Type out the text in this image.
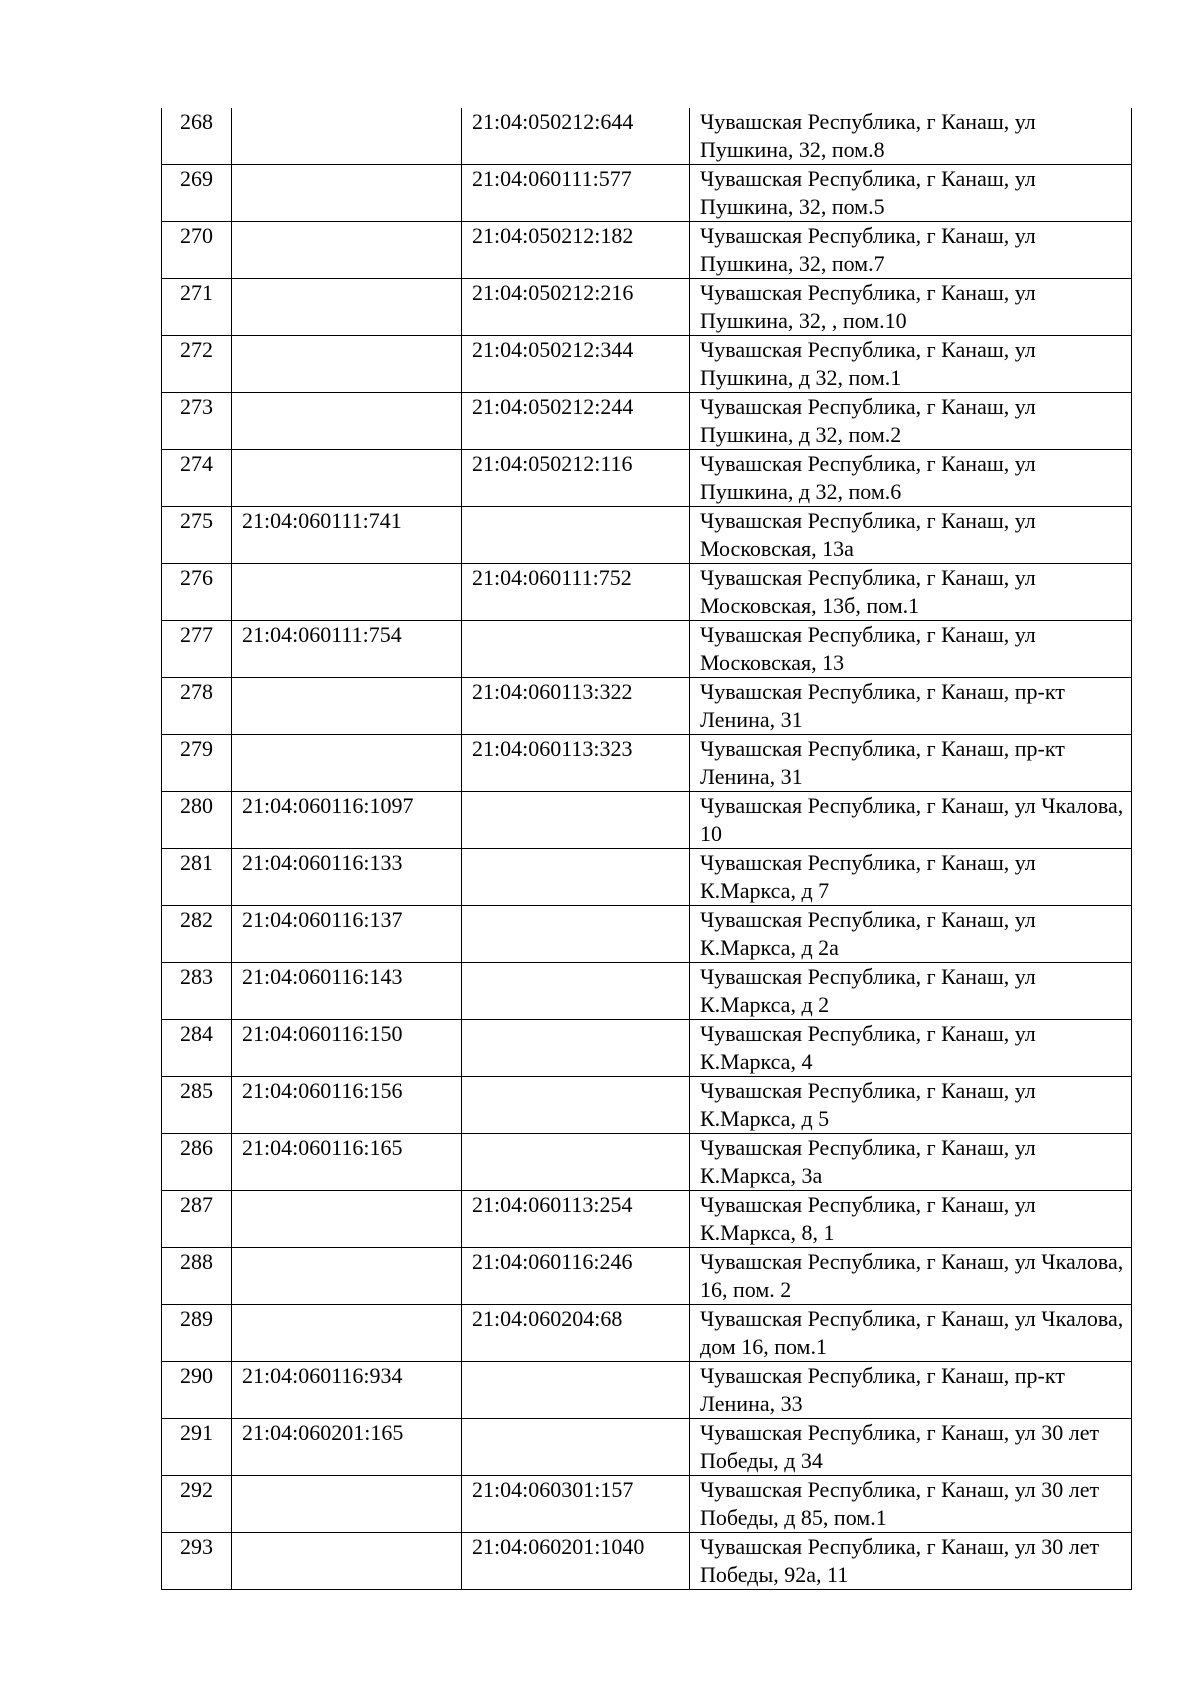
268		21:04:050212:644	Чувашская Республика, г Канаш, ул Пушкина, 32, пом.8
269		21:04:060111:577	Чувашская Республика, г Канаш, ул Пушкина, 32, пом.5
270		21:04:050212:182	Чувашская Республика, г Канаш, ул Пушкина, 32, пом.7
271		21:04:050212:216	Чувашская Республика, г Канаш, ул Пушкина, 32, , пом.10
272		21:04:050212:344	Чувашская Республика, г Канаш, ул Пушкина, д 32, пом.1
273		21:04:050212:244	Чувашская Республика, г Канаш, ул Пушкина, д 32, пом.2
274		21:04:050212:116	Чувашская Республика, г Канаш, ул Пушкина, д 32, пом.6
275	21:04:060111:741		Чувашская Республика, г Канаш, ул Московская, 13а
276		21:04:060111:752	Чувашская Республика, г Канаш, ул Московская, 13б, пом.1
277	21:04:060111:754		Чувашская Республика, г Канаш, ул Московская, 13
278		21:04:060113:322	Чувашская Республика, г Канаш, пр-кт Ленина, 31
279		21:04:060113:323	Чувашская Республика, г Канаш, пр-кт Ленина, 31
280	21:04:060116:1097		Чувашская Республика, г Канаш, ул Чкалова, 10
281	21:04:060116:133		Чувашская Республика, г Канаш, ул К.Маркса, д 7
282	21:04:060116:137		Чувашская Республика, г Канаш, ул К.Маркса, д 2а
283	21:04:060116:143		Чувашская Республика, г Канаш, ул К.Маркса, д 2
284	21:04:060116:150		Чувашская Республика, г Канаш, ул К.Маркса, 4
285	21:04:060116:156		Чувашская Республика, г Канаш, ул К.Маркса, д 5
286	21:04:060116:165		Чувашская Республика, г Канаш, ул К.Маркса, 3а
287		21:04:060113:254	Чувашская Республика, г Канаш, ул К.Маркса, 8, 1
288		21:04:060116:246	Чувашская Республика, г Канаш, ул Чкалова, 16, пом. 2
289		21:04:060204:68	Чувашская Республика, г Канаш, ул Чкалова, дом 16, пом.1
290	21:04:060116:934		Чувашская Республика, г Канаш, пр-кт Ленина, 33
291	21:04:060201:165		Чувашская Республика, г Канаш, ул 30 лет Победы, д 34
292		21:04:060301:157	Чувашская Республика, г Канаш, ул 30 лет Победы, д 85, пом.1
293		21:04:060201:1040	Чувашская Республика, г Канаш, ул 30 лет Победы, 92а, 11
